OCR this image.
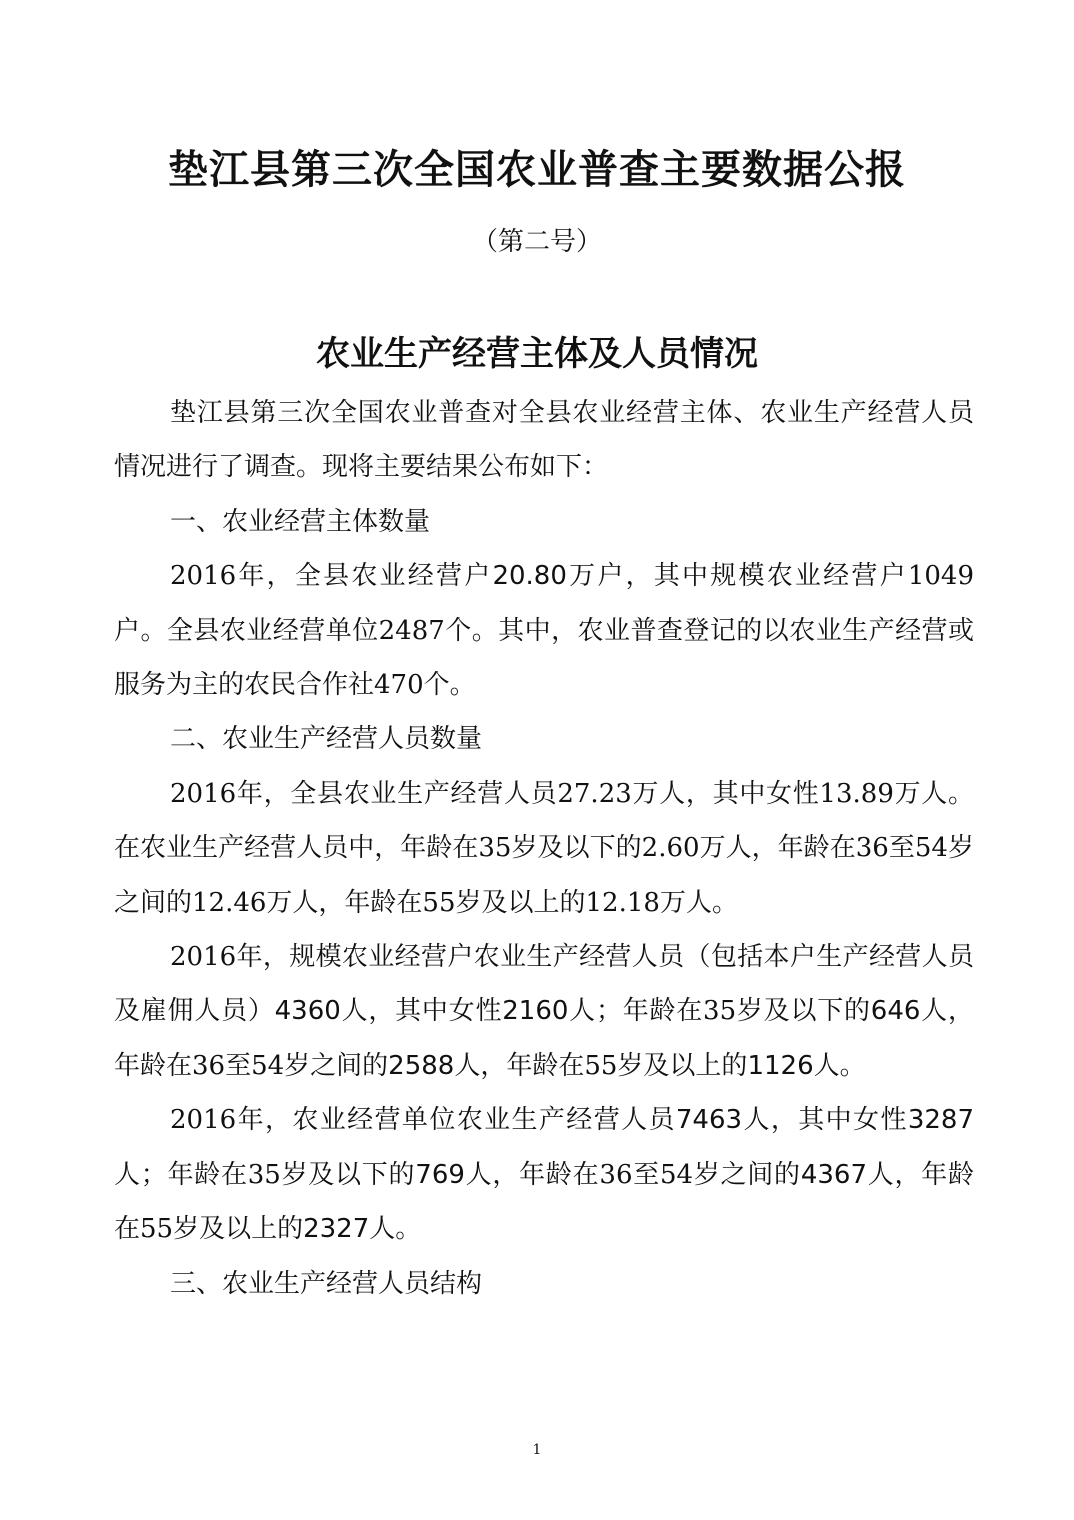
垫江县第三次全国农业普查主要数据公报
（第二号）
农业生产经营主体及人员情况

垫江县第三次全国农业普查对全县农业经营主体、农业生产经营人员情况进行了调查。现将主要结果公布如下：

一、农业经营主体数量

2016年，全县农业经营户20.80万户，其中规模农业经营户1049户。全县农业经营单位2487个。其中，农业普查登记的以农业生产经营或服务为主的农民合作社470个。

二、农业生产经营人员数量

2016年，全县农业生产经营人员27.23万人，其中女性13.89万人。在农业生产经营人员中，年龄在35岁及以下的2.60万人，年龄在36至54岁之间的12.46万人，年龄在55岁及以上的12.18万人。

2016年，规模农业经营户农业生产经营人员（包括本户生产经营人员及雇佣人员）4360人，其中女性2160人；年龄在35岁及以下的646人，年龄在36至54岁之间的2588人，年龄在55岁及以上的1126人。

2016年，农业经营单位农业生产经营人员7463人，其中女性3287人；年龄在35岁及以下的769人，年龄在36至54岁之间的4367人，年龄在55岁及以上的2327人。

三、农业生产经营人员结构
1
